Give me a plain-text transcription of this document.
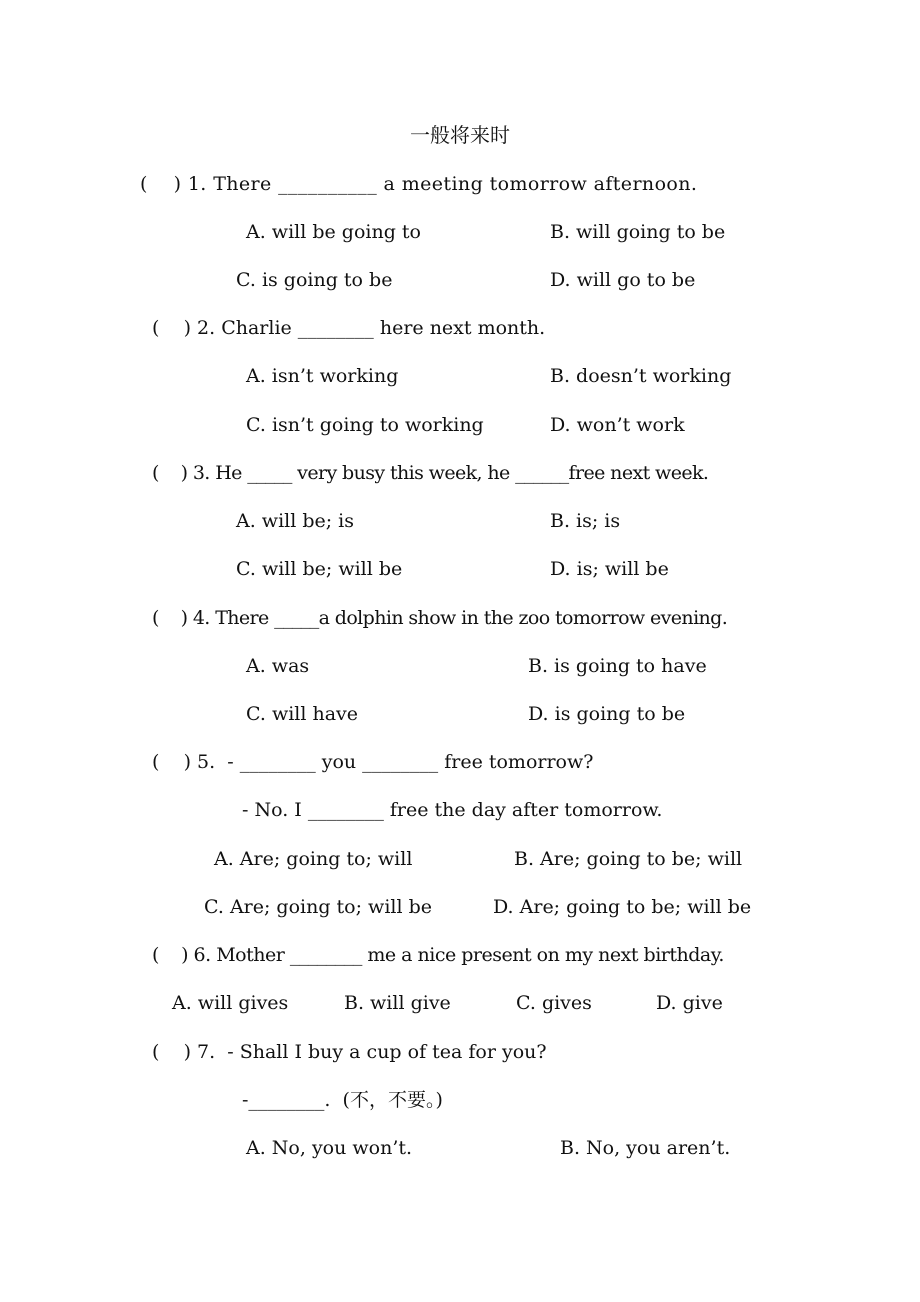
一般将来时
(    ) 1. There __________ a meeting tomorrow afternoon.
A. will be going to	B. will going to be
C. is going to be	D. will go to be
(    ) 2. Charlie ________ here next month.
A. isn’t working	B. doesn’t working
C. isn’t going to working	D. won’t work
(    ) 3. He _____ very busy this week, he ______free next week.
A. will be; is	B. is; is
C. will be; will be	D. is; will be
(    ) 4. There _____a dolphin show in the zoo tomorrow evening.
A. was	B. is going to have
C. will have	D. is going to be
(    ) 5.  - ________ you ________ free tomorrow?
- No. I ________ free the day after tomorrow.
A. Are; going to; will	B. Are; going to be; will
C. Are; going to; will be	D. Are; going to be; will be
(    ) 6. Mother ________ me a nice present on my next birthday.
A. will gives	B. will give	C. gives	D. give
(    ) 7.  - Shall I buy a cup of tea for you?
-________.  (不，不要。)
A. No, you won’t.	B. No, you aren’t.
